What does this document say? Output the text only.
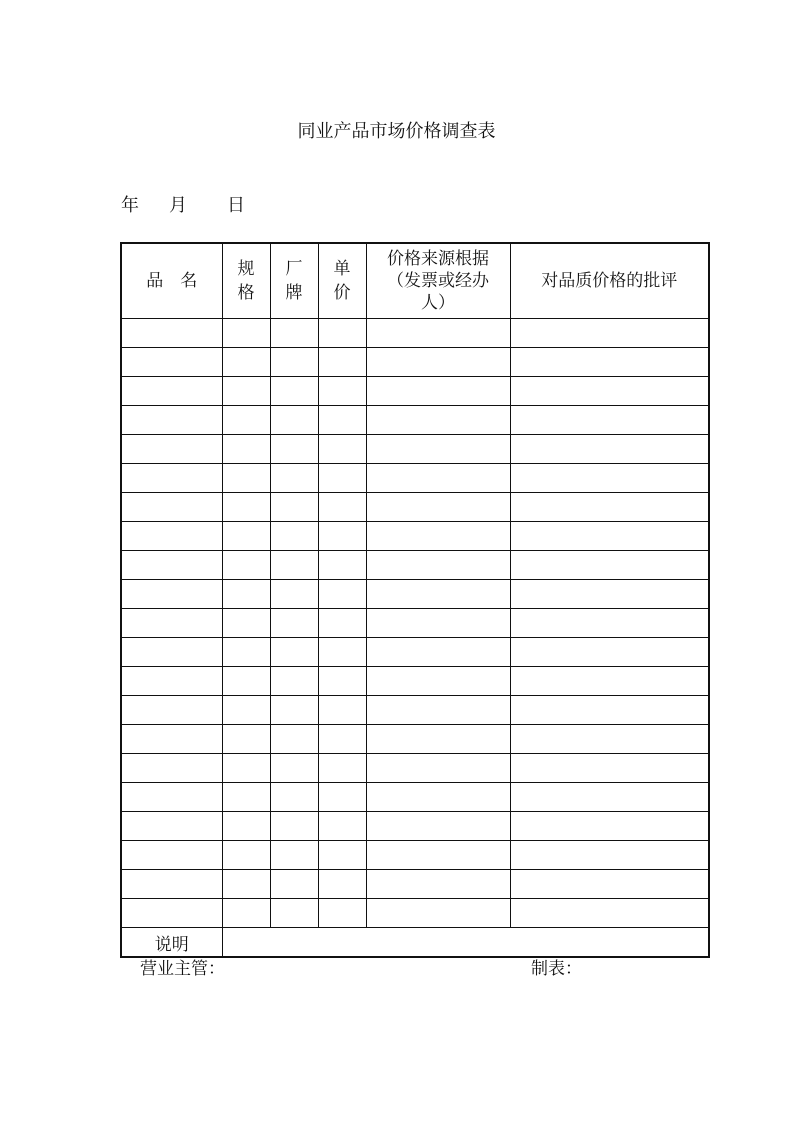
同业产品市场价格调查表
年 月 日
品　名	规格	厂牌	单价	价格来源根据（发票或经办人）	对品质价格的批评

说明					
营业主管：	制表：
